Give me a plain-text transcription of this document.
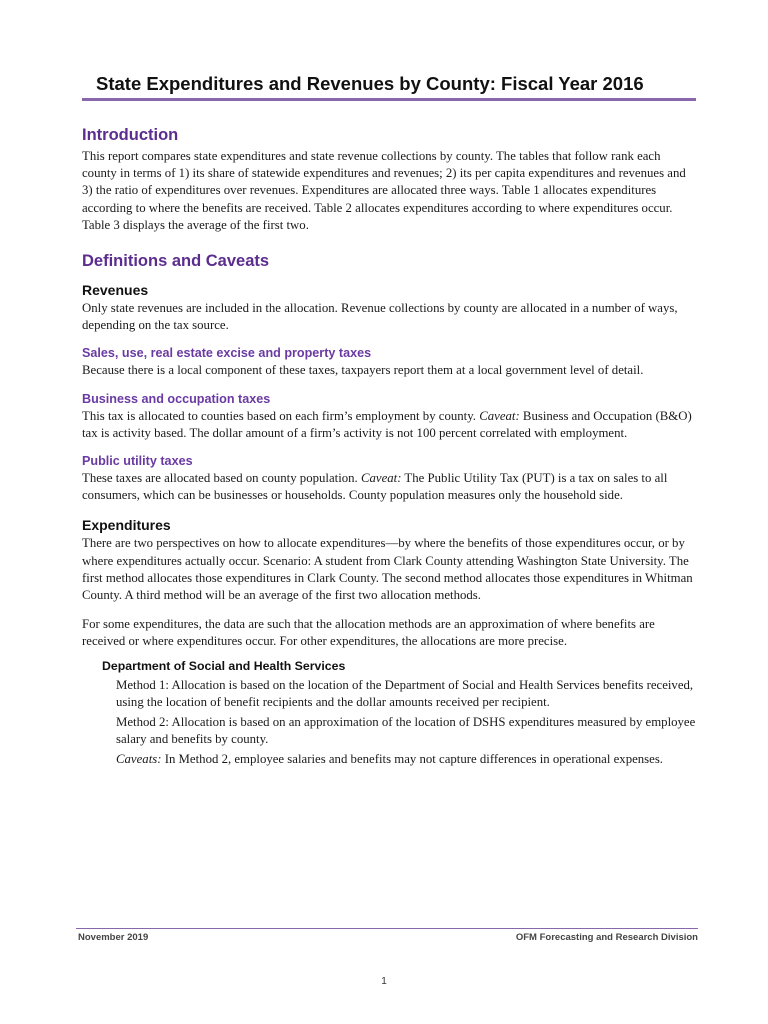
State Expenditures and Revenues by County: Fiscal Year 2016
Introduction

This report compares state expenditures and state revenue collections by county. The tables that follow rank each county in terms of 1) its share of statewide expenditures and revenues; 2) its per capita expenditures and revenues and 3) the ratio of expenditures over revenues. Expenditures are allocated three ways. Table 1 allocates expenditures according to where the benefits are received. Table 2 allocates expenditures according to where expenditures occur. Table 3 displays the average of the first two.

Definitions and Caveats
Revenues

Only state revenues are included in the allocation. Revenue collections by county are allocated in a number of ways, depending on the tax source.

Sales, use, real estate excise and property taxes

Because there is a local component of these taxes, taxpayers report them at a local government level of detail.

Business and occupation taxes

This tax is allocated to counties based on each firm’s employment by county. Caveat: Business and Occupation (B&O) tax is activity based. The dollar amount of a firm’s activity is not 100 percent correlated with employment.

Public utility taxes

These taxes are allocated based on county population. Caveat: The Public Utility Tax (PUT) is a tax on sales to all consumers, which can be businesses or households. County population measures only the household side.

Expenditures

There are two perspectives on how to allocate expenditures—by where the benefits of those expenditures occur, or by where expenditures actually occur. Scenario: A student from Clark County attending Washington State University. The first method allocates those expenditures in Clark County. The second method allocates those expenditures in Whitman County. A third method will be an average of the first two allocation methods.

For some expenditures, the data are such that the allocation methods are an approximation of where benefits are received or where expenditures occur. For other expenditures, the allocations are more precise.

Department of Social and Health Services

Method 1: Allocation is based on the location of the Department of Social and Health Services benefits received, using the location of benefit recipients and the dollar amounts received per recipient.

Method 2: Allocation is based on an approximation of the location of DSHS expenditures measured by employee salary and benefits by county.

Caveats: In Method 2, employee salaries and benefits may not capture differences in operational expenses.

November 2019	OFM Forecasting and Research Division
1
